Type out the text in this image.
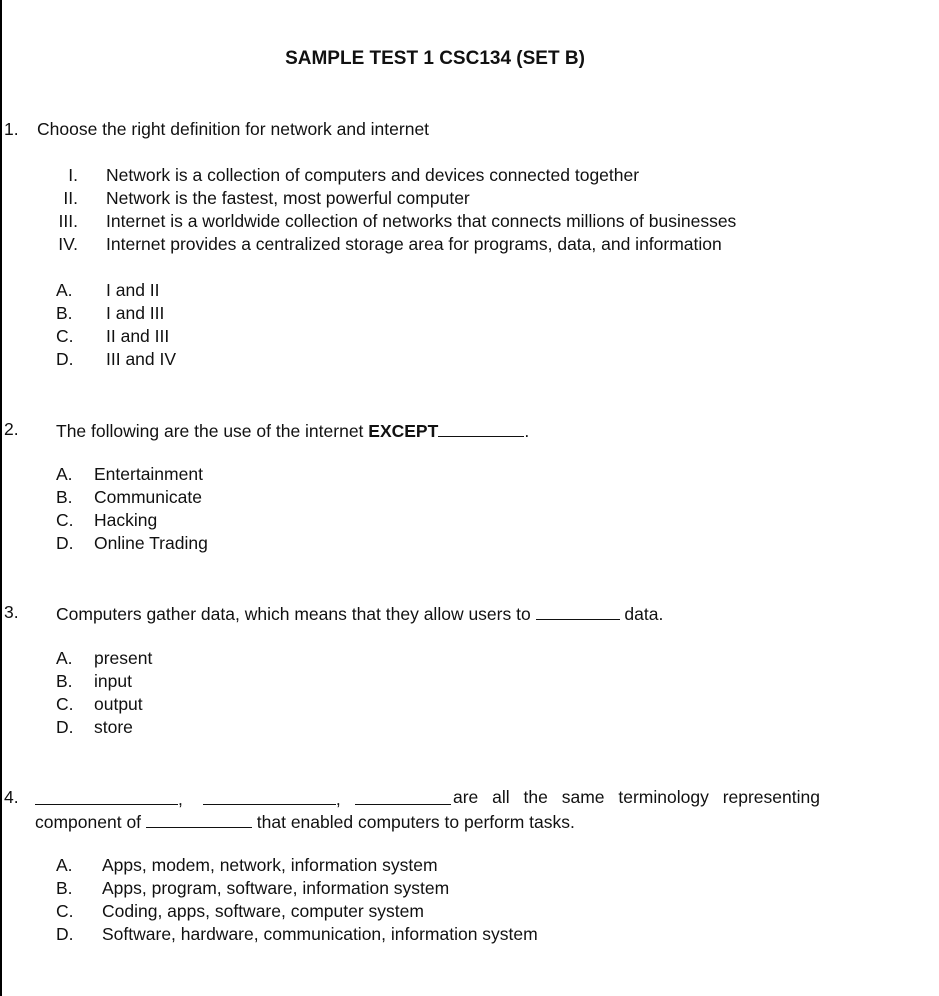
SAMPLE TEST 1 CSC134 (SET B)
1. Choose the right definition for network and internet
I. Network is a collection of computers and devices connected together
II. Network is the fastest, most powerful computer
III. Internet is a worldwide collection of networks that connects millions of businesses
IV. Internet provides a centralized storage area for programs, data, and information
A. I and II
B. I and III
C. II and III
D. III and IV
2. The following are the use of the internet EXCEPT	.
A. Entertainment
B. Communicate
C. Hacking
D. Online Trading
3. Computers gather data, which means that they allow users to	data.
A. present
B. input
C. output
D. store
4.	,	,	are all the same terminology representing
component of	that enabled computers to perform tasks.
A. Apps, modem, network, information system
B. Apps, program, software, information system
C. Coding, apps, software, computer system
D. Software, hardware, communication, information system
